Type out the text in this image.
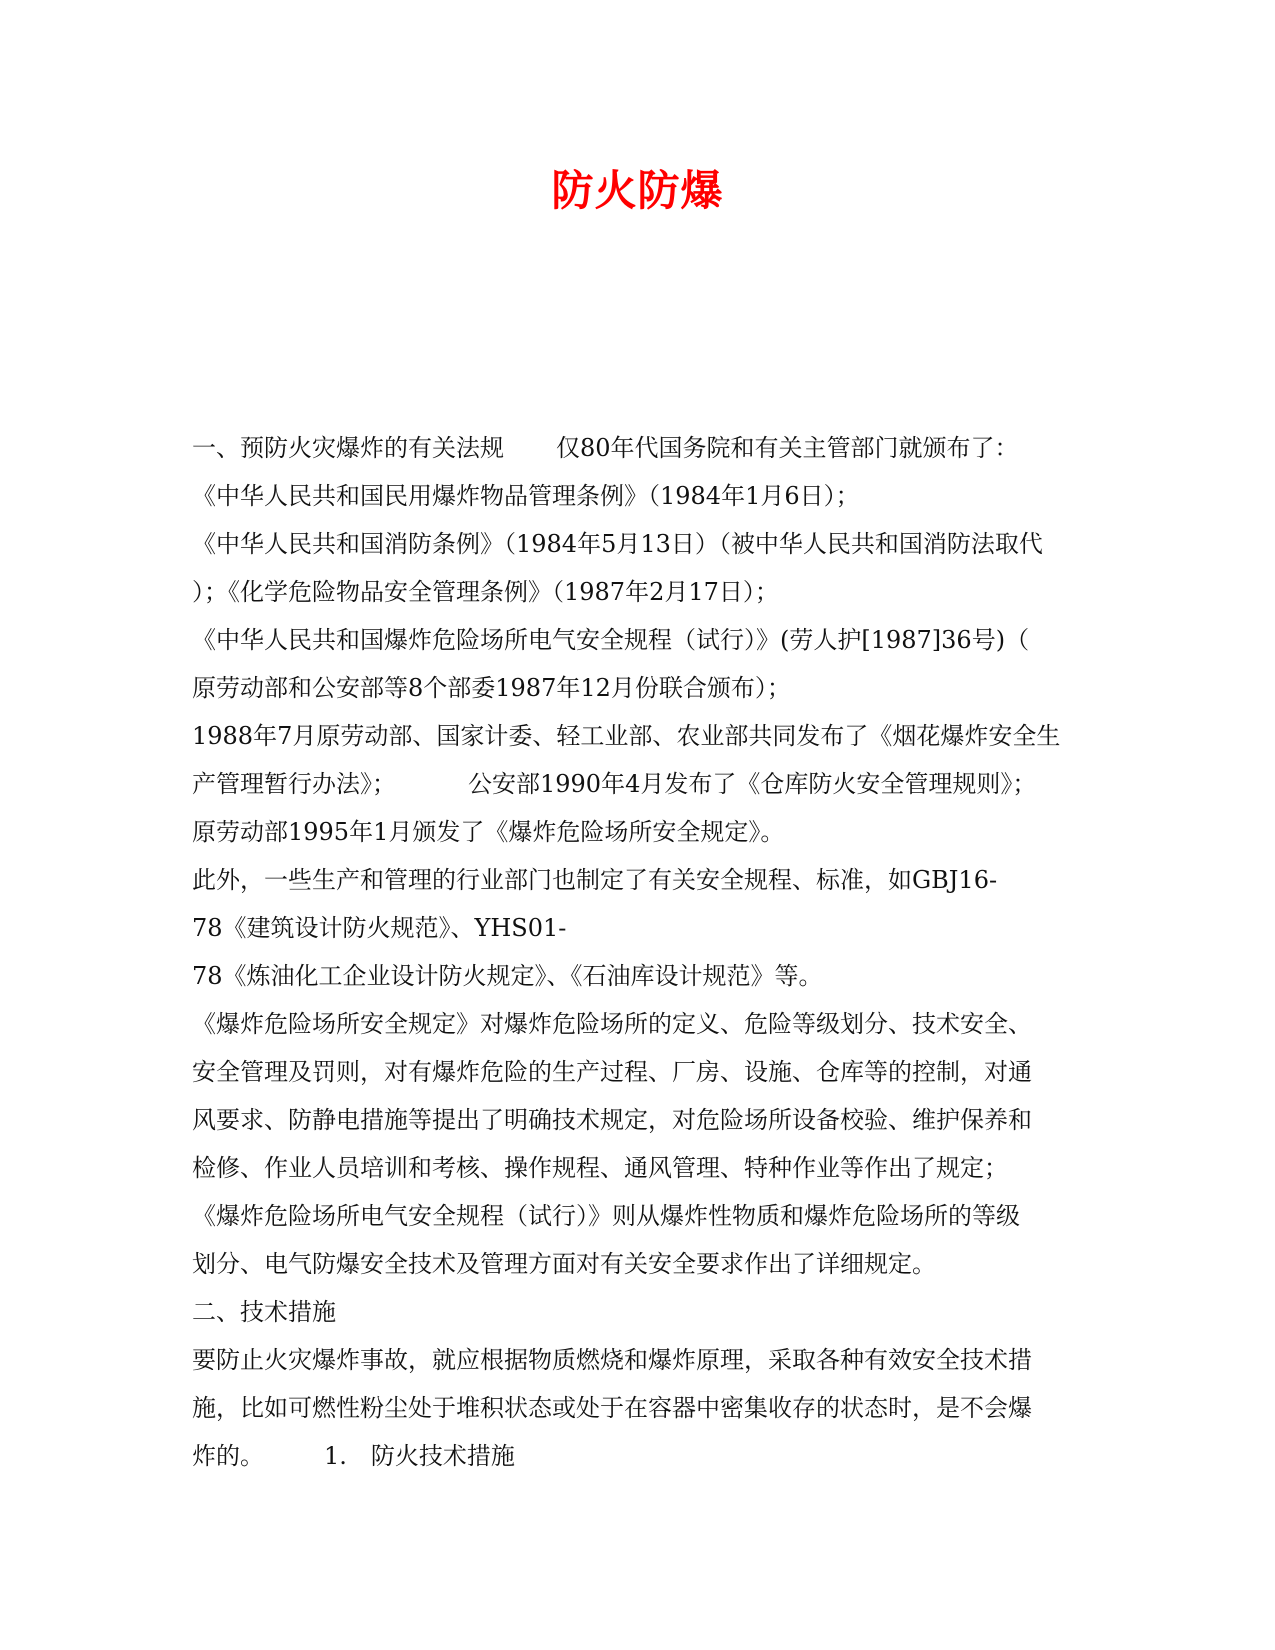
防火防爆
一、预防火灾爆炸的有关法规 仅80年代国务院和有关主管部门就颁布了：
《中华人民共和国民用爆炸物品管理条例》（1984年1月6日）；
《中华人民共和国消防条例》（1984年5月13日）（被中华人民共和国消防法取代
）；《化学危险物品安全管理条例》（1987年2月17日）；
《中华人民共和国爆炸危险场所电气安全规程（试行）》(劳人护[1987]36号)（
原劳动部和公安部等8个部委1987年12月份联合颁布）；
1988年7月原劳动部、国家计委、轻工业部、农业部共同发布了《烟花爆炸安全生
产管理暂行办法》；	公安部1990年4月发布了《仓库防火安全管理规则》；
原劳动部1995年1月颁发了《爆炸危险场所安全规定》。
此外，一些生产和管理的行业部门也制定了有关安全规程、标准，如GBJ16-
78《建筑设计防火规范》、YHS01-
78《炼油化工企业设计防火规定》、《石油库设计规范》等。
《爆炸危险场所安全规定》对爆炸危险场所的定义、危险等级划分、技术安全、
安全管理及罚则，对有爆炸危险的生产过程、厂房、设施、仓库等的控制，对通
风要求、防静电措施等提出了明确技术规定，对危险场所设备校验、维护保养和
检修、作业人员培训和考核、操作规程、通风管理、特种作业等作出了规定；
《爆炸危险场所电气安全规程（试行）》则从爆炸性物质和爆炸危险场所的等级
划分、电气防爆安全技术及管理方面对有关安全要求作出了详细规定。
二、技术措施
要防止火灾爆炸事故，就应根据物质燃烧和爆炸原理，采取各种有效安全技术措
施，比如可燃性粉尘处于堆积状态或处于在容器中密集收存的状态时，是不会爆
炸的。	1. 防火技术措施
